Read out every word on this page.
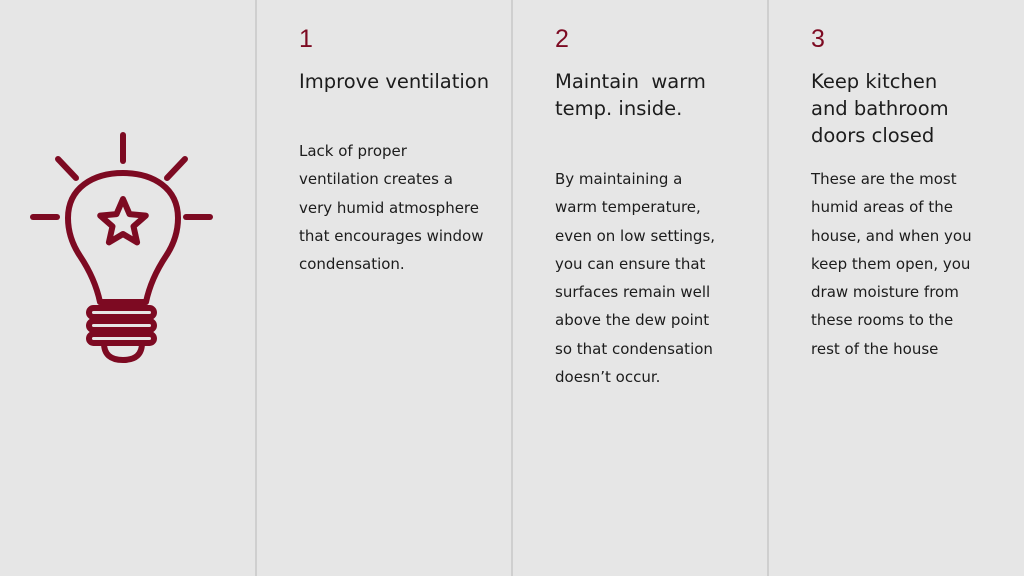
1

Improve ventilation

Lack of proper ventilation creates a very humid atmosphere that encourages window condensation.

2

Maintain  warm temp. inside.

By maintaining a warm temperature, even on low settings, you can ensure that surfaces remain well above the dew point so that condensation doesn’t occur.

3

Keep kitchen and bathroom doors closed

These are the most humid areas of the house, and when you keep them open, you draw moisture from these rooms to the rest of the house
